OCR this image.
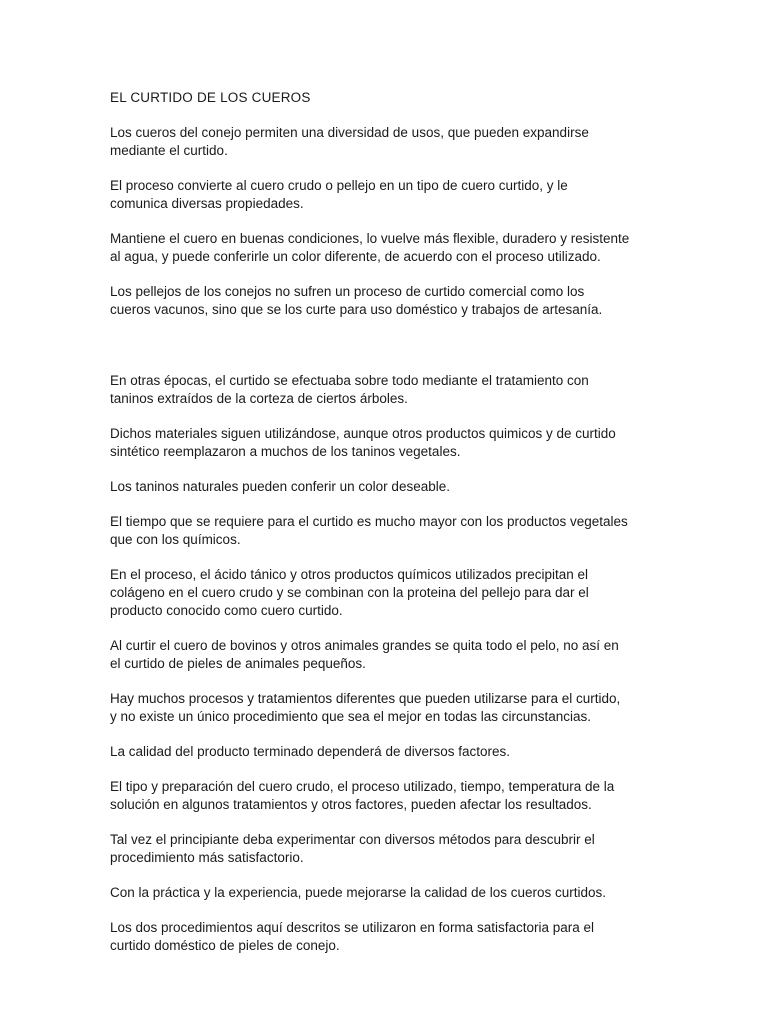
EL CURTIDO DE LOS CUEROS

Los cueros del conejo permiten una diversidad de usos, que pueden expandirse
mediante el curtido.

El proceso convierte al cuero crudo o pellejo en un tipo de cuero curtido, y le
comunica diversas propiedades.

Mantiene el cuero en buenas condiciones, lo vuelve más flexible, duradero y resistente
al agua, y puede conferirle un color diferente, de acuerdo con el proceso utilizado.

Los pellejos de los conejos no sufren un proceso de curtido comercial como los
cueros vacunos, sino que se los curte para uso doméstico y trabajos de artesanía.

En otras épocas, el curtido se efectuaba sobre todo mediante el tratamiento con
taninos extraídos de la corteza de ciertos árboles.

Dichos materiales siguen utilizándose, aunque otros productos quimicos y de curtido
sintético reemplazaron a muchos de los taninos vegetales.

Los taninos naturales pueden conferir un color deseable.

El tiempo que se requiere para el curtido es mucho mayor con los productos vegetales
que con los químicos.

En el proceso, el ácido tánico y otros productos químicos utilizados precipitan el
colágeno en el cuero crudo y se combinan con la proteina del pellejo para dar el
producto conocido como cuero curtido.

Al curtir el cuero de bovinos y otros animales grandes se quita todo el pelo, no así en
el curtido de pieles de animales pequeños.

Hay muchos procesos y tratamientos diferentes que pueden utilizarse para el curtido,
y no existe un único procedimiento que sea el mejor en todas las circunstancias.

La calidad del producto terminado dependerá de diversos factores.

El tipo y preparación del cuero crudo, el proceso utilizado, tiempo, temperatura de la
solución en algunos tratamientos y otros factores, pueden afectar los resultados.

Tal vez el principiante deba experimentar con diversos métodos para descubrir el
procedimiento más satisfactorio.

Con la práctica y la experiencia, puede mejorarse la calidad de los cueros curtidos.

Los dos procedimientos aquí descritos se utilizaron en forma satisfactoria para el
curtido doméstico de pieles de conejo.
